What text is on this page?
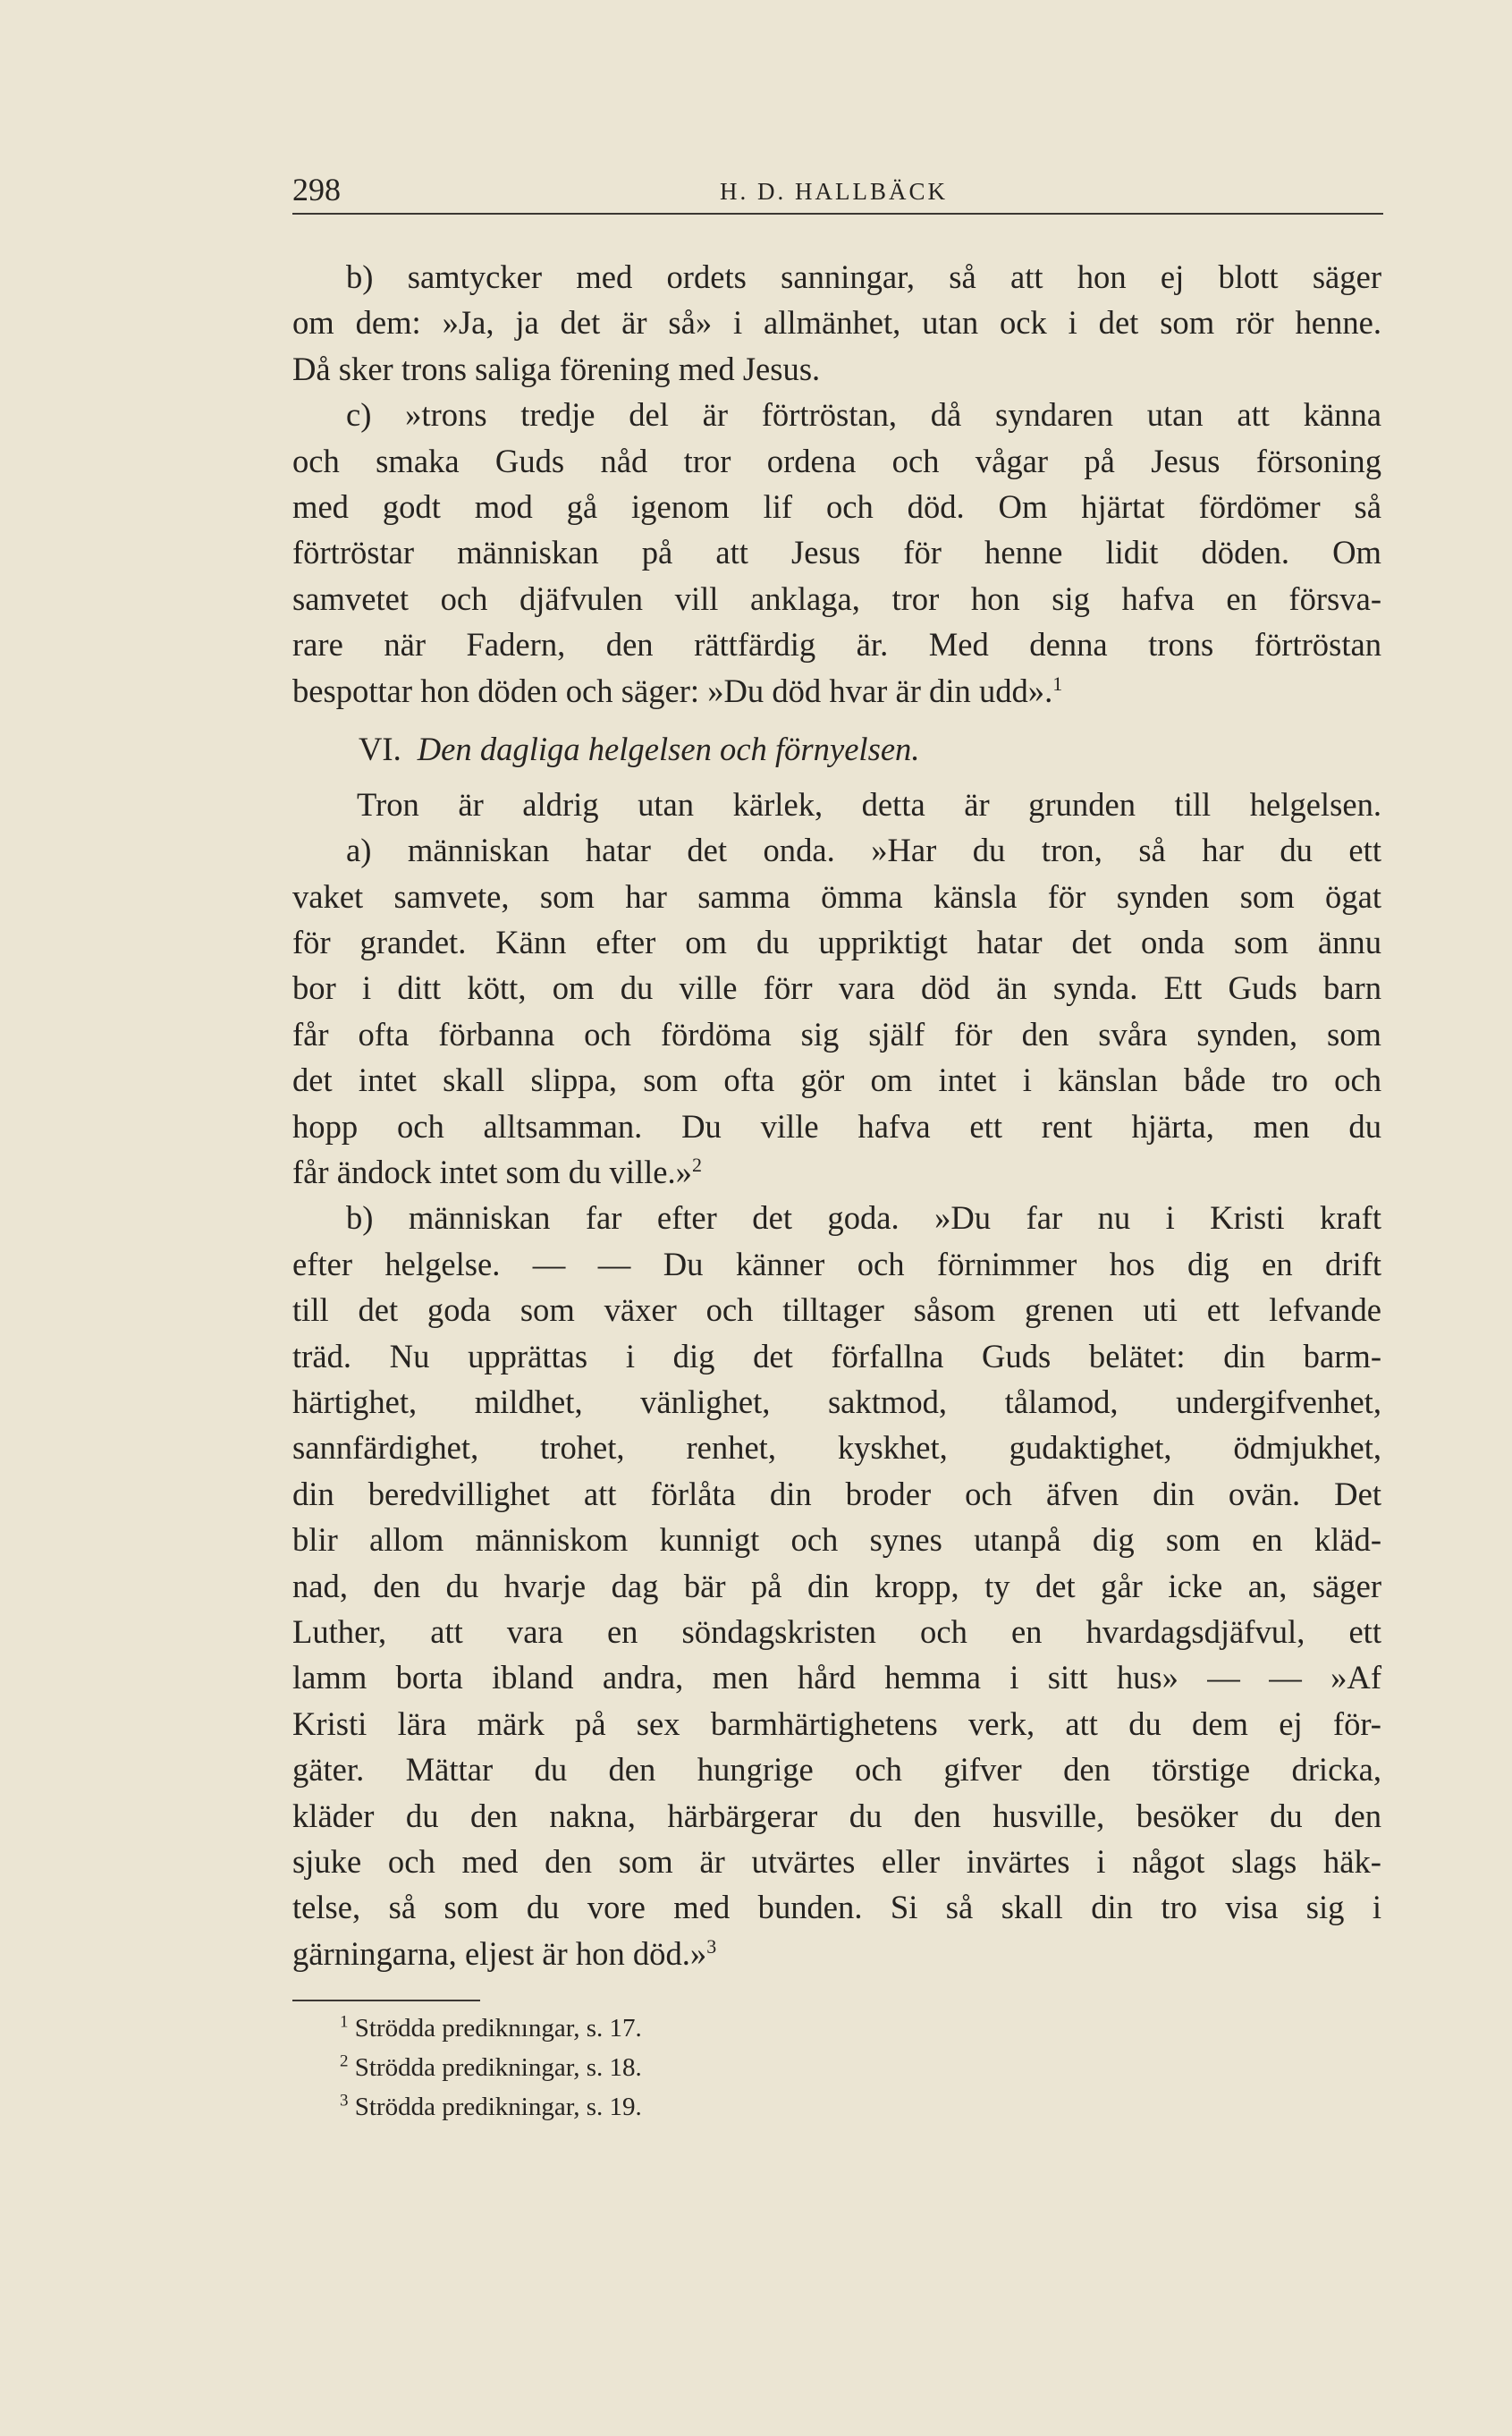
298	H. D. HALLBÄCK
b) samtycker med ordets sanningar, så att hon ej blott säger
om dem: »Ja, ja det är så» i allmänhet, utan ock i det som rör henne.
Då sker trons saliga förening med Jesus.
c) »trons tredje del är förtröstan, då syndaren utan att känna
och smaka Guds nåd tror ordena och vågar på Jesus försoning
med godt mod gå igenom lif och död. Om hjärtat fördömer så
förtröstar människan på att Jesus för henne lidit döden. Om
samvetet och djäfvulen vill anklaga, tror hon sig hafva en försva-
rare när Fadern, den rättfärdig är. Med denna trons förtröstan
bespottar hon döden och säger: »Du död hvar är din udd».$^1$
VI. Den dagliga helgelsen och förnyelsen.
Tron är aldrig utan kärlek, detta är grunden till helgelsen.
a) människan hatar det onda. »Har du tron, så har du ett
vaket samvete, som har samma ömma känsla för synden som ögat
för grandet. Känn efter om du uppriktigt hatar det onda som ännu
bor i ditt kött, om du ville förr vara död än synda. Ett Guds barn
får ofta förbanna och fördöma sig själf för den svåra synden, som
det intet skall slippa, som ofta gör om intet i känslan både tro och
hopp och alltsamman. Du ville hafva ett rent hjärta, men du
får ändock intet som du ville.»$^2$
b) människan far efter det goda. »Du far nu i Kristi kraft
efter helgelse. — — Du känner och förnimmer hos dig en drift
till det goda som växer och tilltager såsom grenen uti ett lefvande
träd. Nu upprättas i dig det förfallna Guds belätet: din barm-
härtighet, mildhet, vänlighet, saktmod, tålamod, undergifvenhet,
sannfärdighet, trohet, renhet, kyskhet, gudaktighet, ödmjukhet,
din beredvillighet att förlåta din broder och äfven din ovän. Det
blir allom människom kunnigt och synes utanpå dig som en kläd-
nad, den du hvarje dag bär på din kropp, ty det går icke an, säger
Luther, att vara en söndagskristen och en hvardagsdjäfvul, ett
lamm borta ibland andra, men hård hemma i sitt hus» — — »Af
Kristi lära märk på sex barmhärtighetens verk, att du dem ej för-
gäter. Mättar du den hungrige och gifver den törstige dricka,
kläder du den nakna, härbärgerar du den husville, besöker du den
sjuke och med den som är utvärtes eller invärtes i något slags häk-
telse, så som du vore med bunden. Si så skall din tro visa sig i
gärningarna, eljest är hon död.»$^3$
$^1$ Strödda prediknıngar, s. 17.
$^2$ Strödda predikningar, s. 18.
$^3$ Strödda predikningar, s. 19.
